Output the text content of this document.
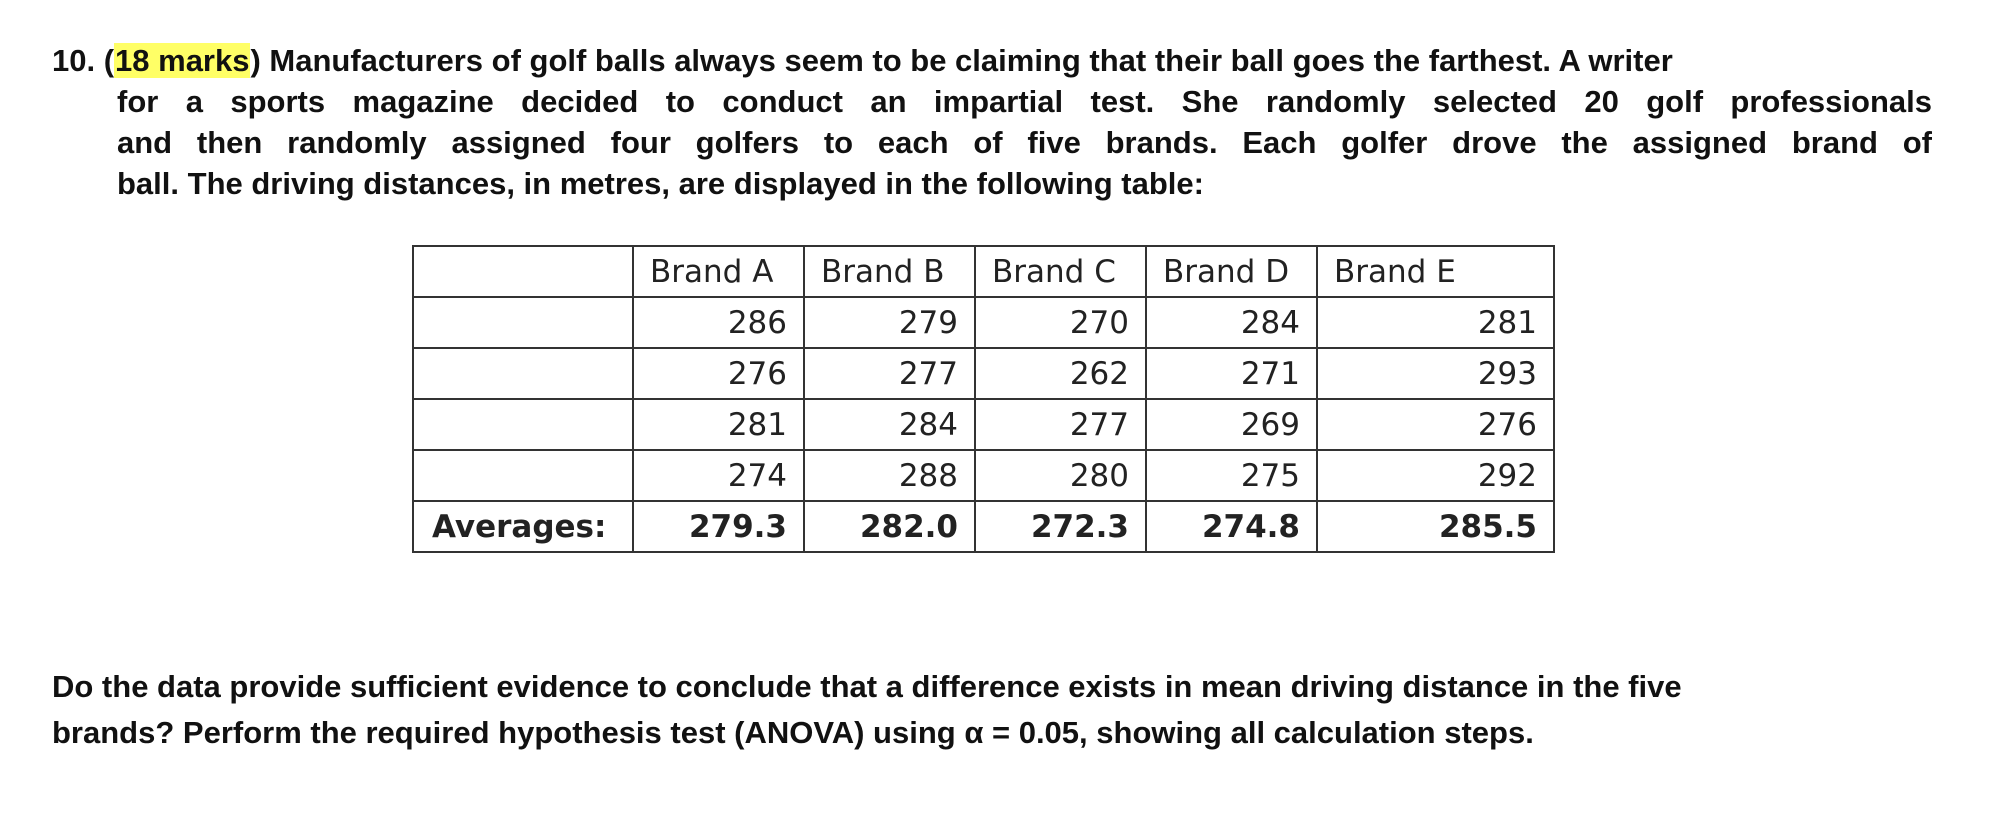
10. (18 marks) Manufacturers of golf balls always seem to be claiming that their ball goes the farthest. A writer
for a sports magazine decided to conduct an impartial test. She randomly selected 20 golf professionals
and then randomly assigned four golfers to each of five brands. Each golfer drove the assigned brand of
ball. The driving distances, in metres, are displayed in the following table:
	Brand A	Brand B	Brand C	Brand D	Brand E
	286	279	270	284	281
	276	277	262	271	293
	281	284	277	269	276
	274	288	280	275	292
Averages:	279.3	282.0	272.3	274.8	285.5
Do the data provide sufficient evidence to conclude that a difference exists in mean driving distance in the five
brands? Perform the required hypothesis test (ANOVA) using α = 0.05, showing all calculation steps.
